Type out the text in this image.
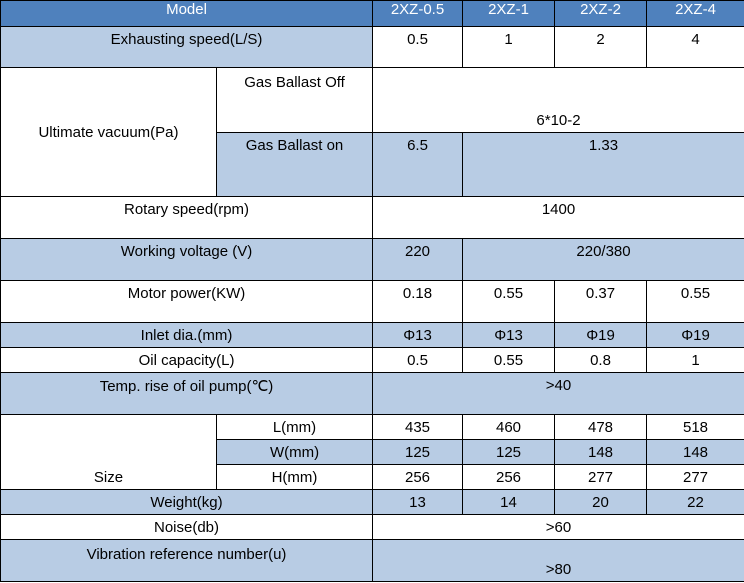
Model		2XZ-0.5	2XZ-1	2XZ-2	2XZ-4
Exhausting speed(L/S)		0.5	1	2	4
Ultimate vacuum(Pa)	Gas Ballast Off	6*10-2			
	Gas Ballast on	6.5	1.33		
Rotary speed(rpm)		1400			
Working voltage (V)		220	220/380		
Motor power(KW)		0.18	0.55	0.37	0.55
Inlet dia.(mm)		Φ13	Φ13	Φ19	Φ19
Oil capacity(L)		0.5	0.55	0.8	1
Temp. rise of oil pump(℃)		>40			
Size	L(mm)	435	460	478	518
	W(mm)	125	125	148	148
	H(mm)	256	256	277	277
Weight(kg)		13	14	20	22
Noise(db)		>60			
Vibration reference number(u)		>80			
